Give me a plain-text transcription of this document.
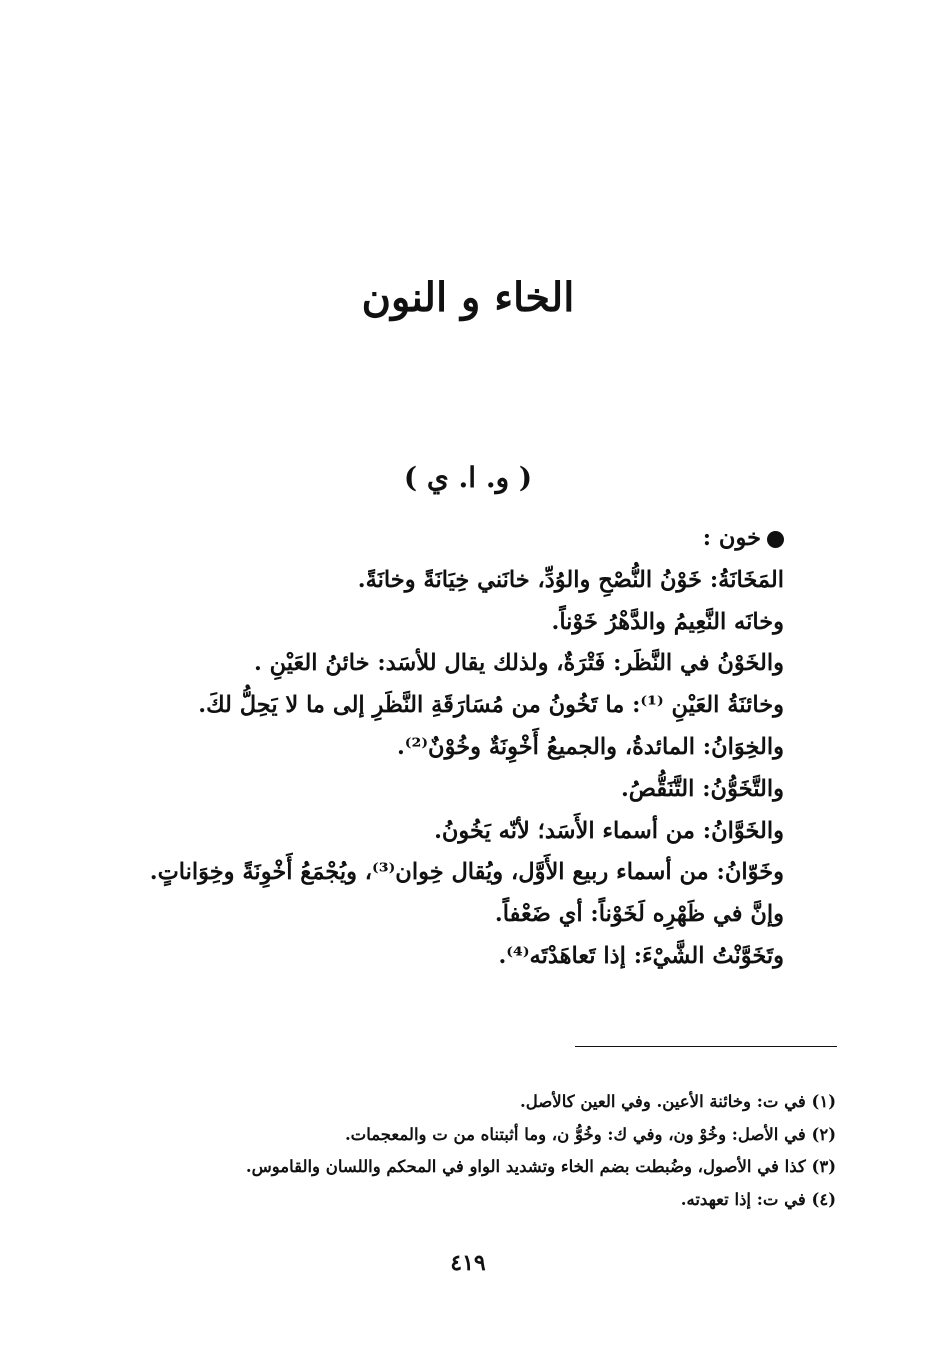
الخاء و النون
( و. ا. ي )
خون :
المَخَانَةُ: خَوْنُ النُّصْحِ والوُدِّ، خانَني خِيَانَةً وخانَةً.
وخانَه النَّعِيمُ والدَّهْرُ خَوْناً.
والخَوْنُ في النَّظَر: فَتْرَةٌ، ولذلك يقال للأسَد: خائنُ العَيْنِ .
وخائنَةُ العَيْنِ ⁽¹⁾: ما تَخُونُ من مُسَارَقَةِ النَّظَرِ إلى ما لا يَحِلُّ لكَ.
والخِوَانُ: المائدةُ، والجميعُ أَخْوِنَةٌ وخُوْنٌ⁽²⁾.
والتَّخَوُّنُ: التَّنَقُّصُ.
والخَوَّانُ: من أسماء الأَسَد؛ لأنّه يَخُونُ.
وخَوّانُ: من أسماء ربيع الأَوَّل، ويُقال خِوان⁽³⁾، ويُجْمَعُ أَخْوِنَةً وخِوَاناتٍ.
وإنَّ في ظَهْرِه لَخَوْناً: أي ضَعْفاً.
وتَخَوَّنْتُ الشَّيْءَ: إذا تَعاهَدْتَه⁽⁴⁾.
(١) في ت: وخائنة الأعين. وفي العين كالأصل.
(٢) في الأصل: وخُوْ ون، وفي ك: وخُوُّ ن، وما أثبتناه من ت والمعجمات.
(٣) كذا في الأصول، وضُبطت بضم الخاء وتشديد الواو في المحكم واللسان والقاموس.
(٤) في ت: إذا تعهدته.
٤١٩
